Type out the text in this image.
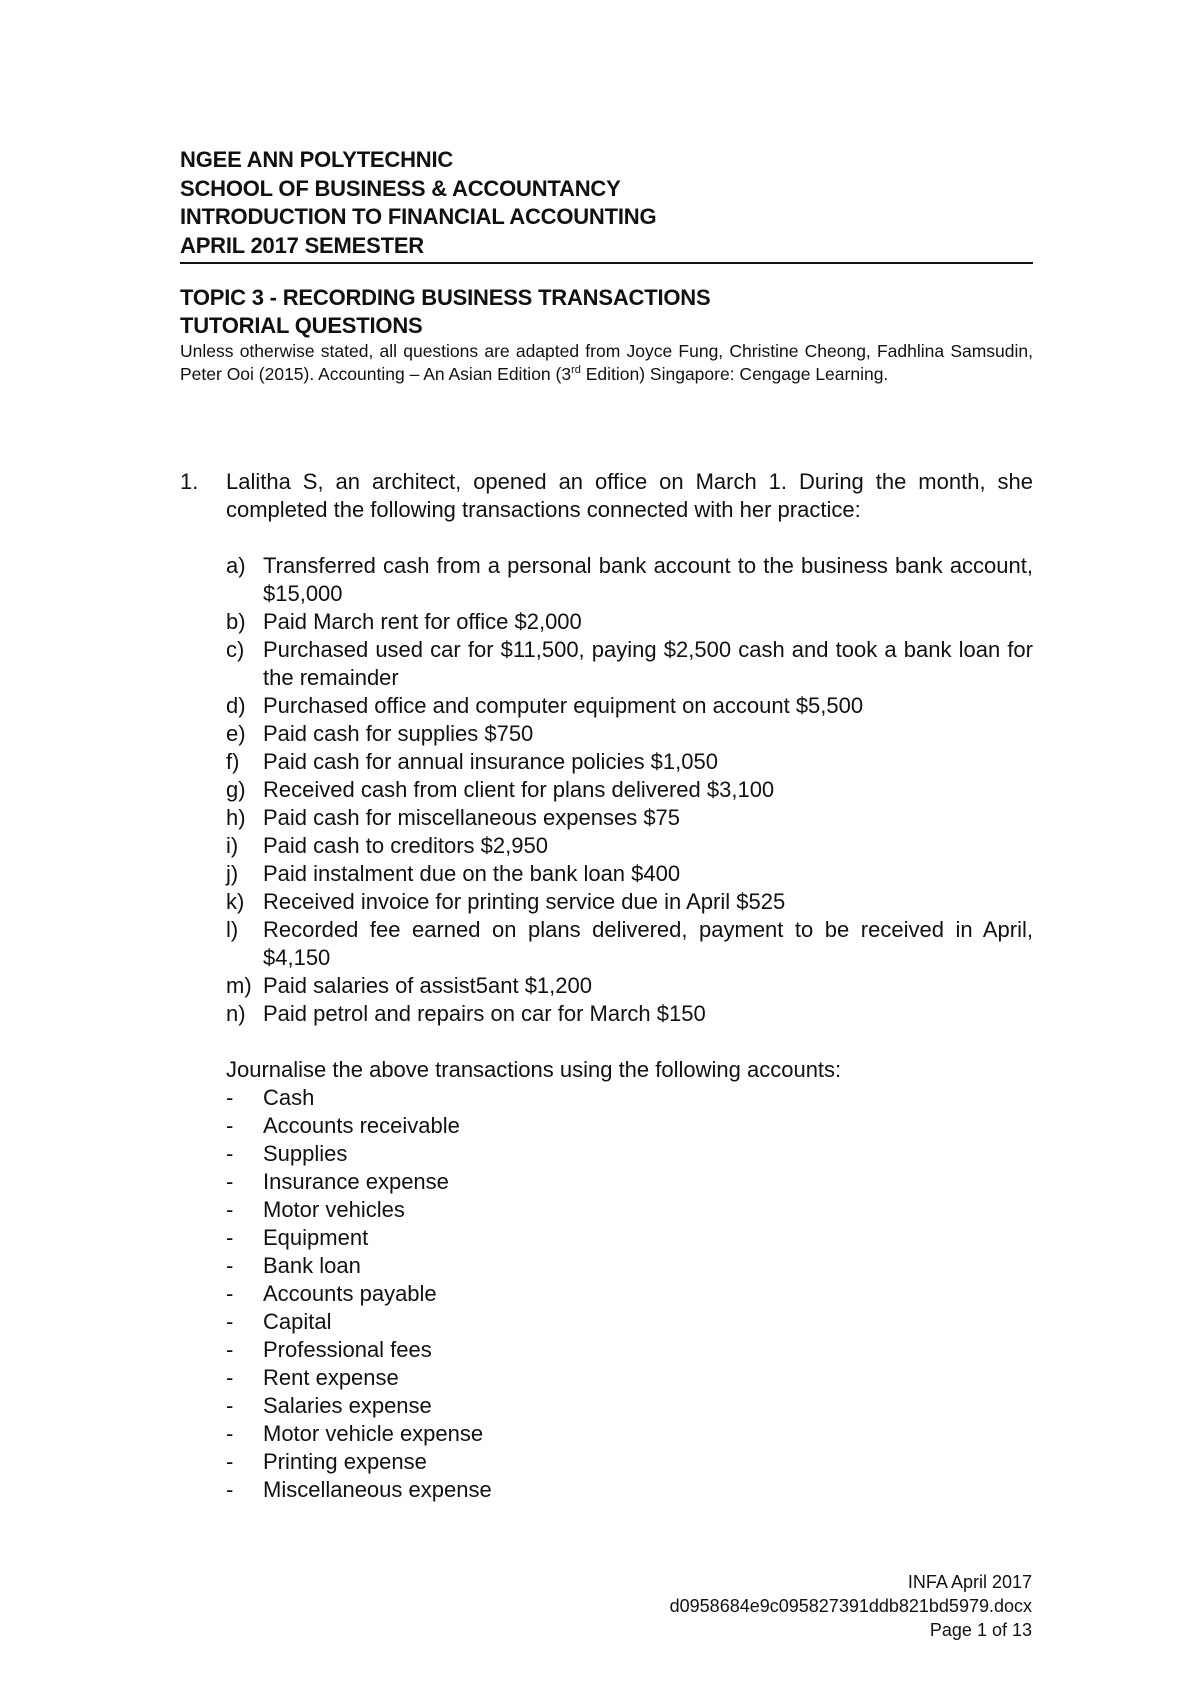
NGEE ANN POLYTECHNIC
SCHOOL OF BUSINESS & ACCOUNTANCY
INTRODUCTION TO FINANCIAL ACCOUNTING
APRIL 2017 SEMESTER
TOPIC 3 - RECORDING BUSINESS TRANSACTIONS
TUTORIAL QUESTIONS
Unless otherwise stated, all questions are adapted from Joyce Fung, Christine Cheong, Fadhlina Samsudin, Peter Ooi (2015). Accounting – An Asian Edition (3rd Edition) Singapore: Cengage Learning.
1.	Lalitha S, an architect, opened an office on March 1. During the month, she completed the following transactions connected with her practice:
a) Transferred cash from a personal bank account to the business bank account, $15,000
b) Paid March rent for office $2,000
c) Purchased used car for $11,500, paying $2,500 cash and took a bank loan for the remainder
d) Purchased office and computer equipment on account $5,500
e) Paid cash for supplies $750
f)	Paid cash for annual insurance policies $1,050
g) Received cash from client for plans delivered $3,100
h) Paid cash for miscellaneous expenses $75
i)	Paid cash to creditors $2,950
j)	Paid instalment due on the bank loan $400
k) Received invoice for printing service due in April $525
l)	Recorded fee earned on plans delivered, payment to be received in April, $4,150
m) Paid salaries of assist5ant $1,200
n) Paid petrol and repairs on car for March $150
Journalise the above transactions using the following accounts:
-	Cash
-	Accounts receivable
-	Supplies
-	Insurance expense
-	Motor vehicles
-	Equipment
-	Bank loan
-	Accounts payable
-	Capital
-	Professional fees
-	Rent expense
-	Salaries expense
-	Motor vehicle expense
-	Printing expense
-	Miscellaneous expense
INFA April 2017
d0958684e9c095827391ddb821bd5979.docx
Page 1 of 13
